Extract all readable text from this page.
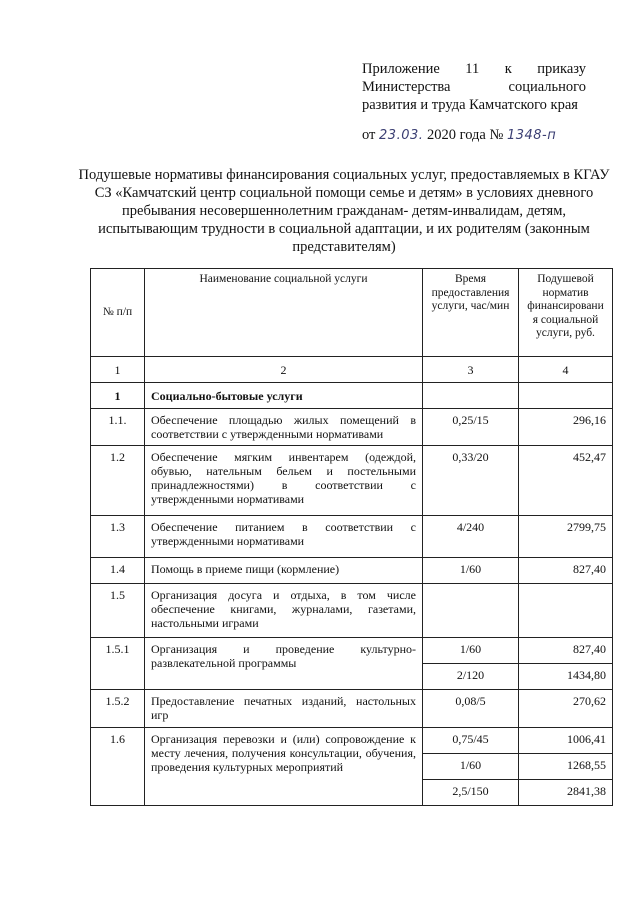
Приложение 11 к приказу
Министерства	социального
развития и труда Камчатского края
от 23.03. 2020 года № 1348-п
Подушевые нормативы финансирования социальных услуг, предоставляемых в КГАУ СЗ «Камчатский центр социальной помощи семье и детям» в условиях дневного пребывания несовершеннолетним гражданам- детям-инвалидам, детям, испытывающим трудности в социальной адаптации, и их родителям (законным представителям)
№ п/п	Наименование социальной услуги	Время предоставления услуги, час/мин	Подушевой норматив финансировани я социальной услуги, руб.
1	2	3	4
1	Социально-бытовые услуги		
1.1.	Обеспечение площадью жилых помещений в соответствии с утвержденными нормативами	0,25/15	296,16
1.2	Обеспечение мягким инвентарем (одеждой, обувью, нательным бельем и постельными принадлежностями) в соответствии с утвержденными нормативами	0,33/20	452,47
1.3	Обеспечение питанием в соответствии с утвержденными нормативами	4/240	2799,75
1.4	Помощь в приеме пищи (кормление)	1/60	827,40
1.5	Организация досуга и отдыха, в том числе обеспечение книгами, журналами, газетами, настольными играми		
1.5.1	Организация и проведение культурно-развлекательной программы	1/60	827,40
		2/120	1434,80
1.5.2	Предоставление печатных изданий, настольных игр	0,08/5	270,62
1.6	Организация перевозки и (или) сопровождение к месту лечения, получения консультации, обучения, проведения культурных мероприятий	0,75/45	1006,41
		1/60	1268,55
		2,5/150	2841,38
